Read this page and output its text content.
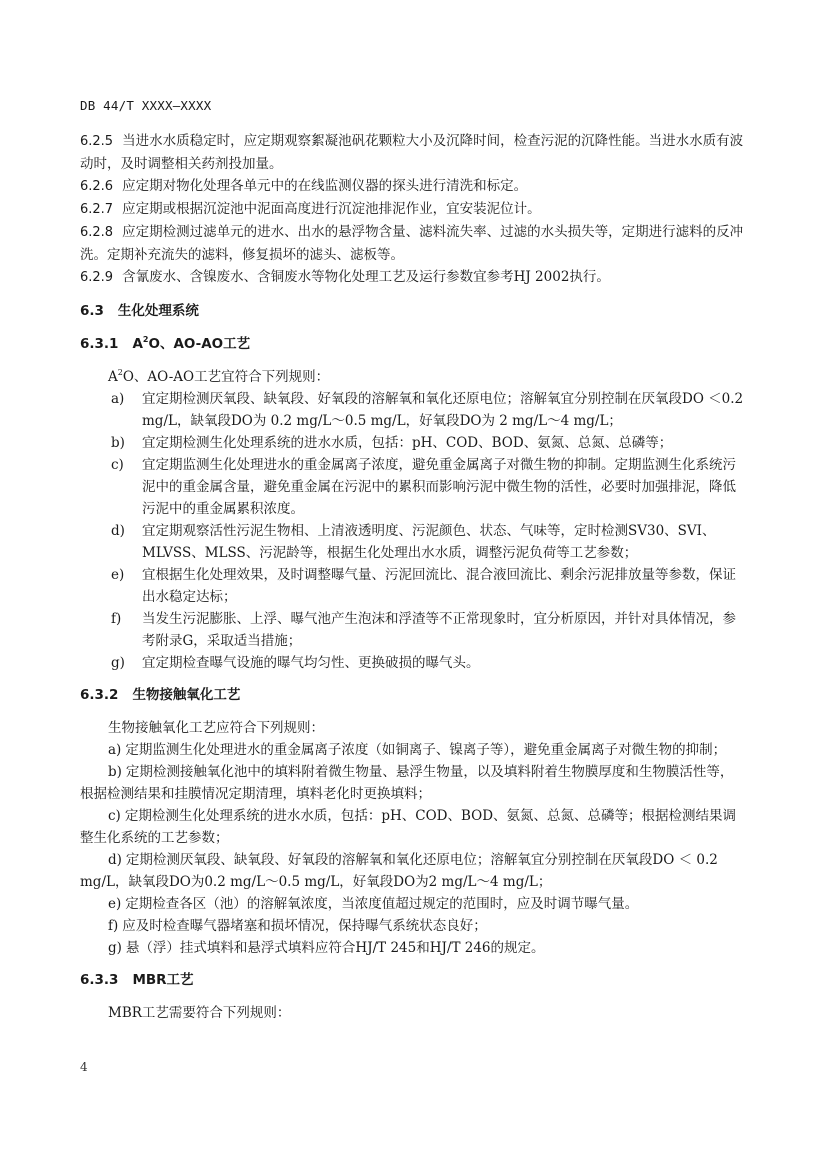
DB 44/T XXXX—XXXX

6.2.5 当进水水质稳定时，应定期观察絮凝池矾花颗粒大小及沉降时间，检查污泥的沉降性能。当进水水质有波动时，及时调整相关药剂投加量。

6.2.6 应定期对物化处理各单元中的在线监测仪器的探头进行清洗和标定。

6.2.7 应定期或根据沉淀池中泥面高度进行沉淀池排泥作业，宜安装泥位计。

6.2.8 应定期检测过滤单元的进水、出水的悬浮物含量、滤料流失率、过滤的水头损失等，定期进行滤料的反冲洗。定期补充流失的滤料，修复损坏的滤头、滤板等。

6.2.9 含氰废水、含镍废水、含铜废水等物化处理工艺及运行参数宜参考HJ 2002执行。

6.3 生化处理系统
6.3.1 $A^2O$、AO-AO工艺

$A^2O$、AO-AO工艺宜符合下列规则：

a)	宜定期检测厌氧段、缺氧段、好氧段的溶解氧和氧化还原电位；溶解氧宜分别控制在厌氧段DO ＜0.2 mg/L，缺氧段DO为 0.2 mg/L～0.5 mg/L，好氧段DO为 2 mg/L～4 mg/L；
b)	宜定期检测生化处理系统的进水水质，包括：pH、COD、BOD、氨氮、总氮、总磷等；
c)	宜定期监测生化处理进水的重金属离子浓度，避免重金属离子对微生物的抑制。定期监测生化系统污泥中的重金属含量，避免重金属在污泥中的累积而影响污泥中微生物的活性，必要时加强排泥，降低污泥中的重金属累积浓度。
d)	宜定期观察活性污泥生物相、上清液透明度、污泥颜色、状态、气味等，定时检测SV30、SVI、MLVSS、MLSS、污泥龄等，根据生化处理出水水质，调整污泥负荷等工艺参数；
e)	宜根据生化处理效果，及时调整曝气量、污泥回流比、混合液回流比、剩余污泥排放量等参数，保证出水稳定达标；
f)	当发生污泥膨胀、上浮、曝气池产生泡沫和浮渣等不正常现象时，宜分析原因，并针对具体情况，参考附录G，采取适当措施；
g)	宜定期检查曝气设施的曝气均匀性、更换破损的曝气头。
6.3.2 生物接触氧化工艺

生物接触氧化工艺应符合下列规则：

a) 定期监测生化处理进水的重金属离子浓度（如铜离子、镍离子等），避免重金属离子对微生物的抑制；
b) 定期检测接触氧化池中的填料附着微生物量、悬浮生物量，以及填料附着生物膜厚度和生物膜活性等，根据检测结果和挂膜情况定期清理，填料老化时更换填料；
c) 定期检测生化处理系统的进水水质，包括：pH、COD、BOD、氨氮、总氮、总磷等；根据检测结果调整生化系统的工艺参数；
d) 定期检测厌氧段、缺氧段、好氧段的溶解氧和氧化还原电位；溶解氧宜分别控制在厌氧段DO ＜ 0.2 mg/L，缺氧段DO为0.2 mg/L～0.5 mg/L，好氧段DO为2 mg/L～4 mg/L；
e) 定期检查各区（池）的溶解氧浓度，当浓度值超过规定的范围时，应及时调节曝气量。
f) 应及时检查曝气器堵塞和损坏情况，保持曝气系统状态良好；
g) 悬（浮）挂式填料和悬浮式填料应符合HJ/T 245和HJ/T 246的规定。
6.3.3 MBR工艺

MBR工艺需要符合下列规则：

4
